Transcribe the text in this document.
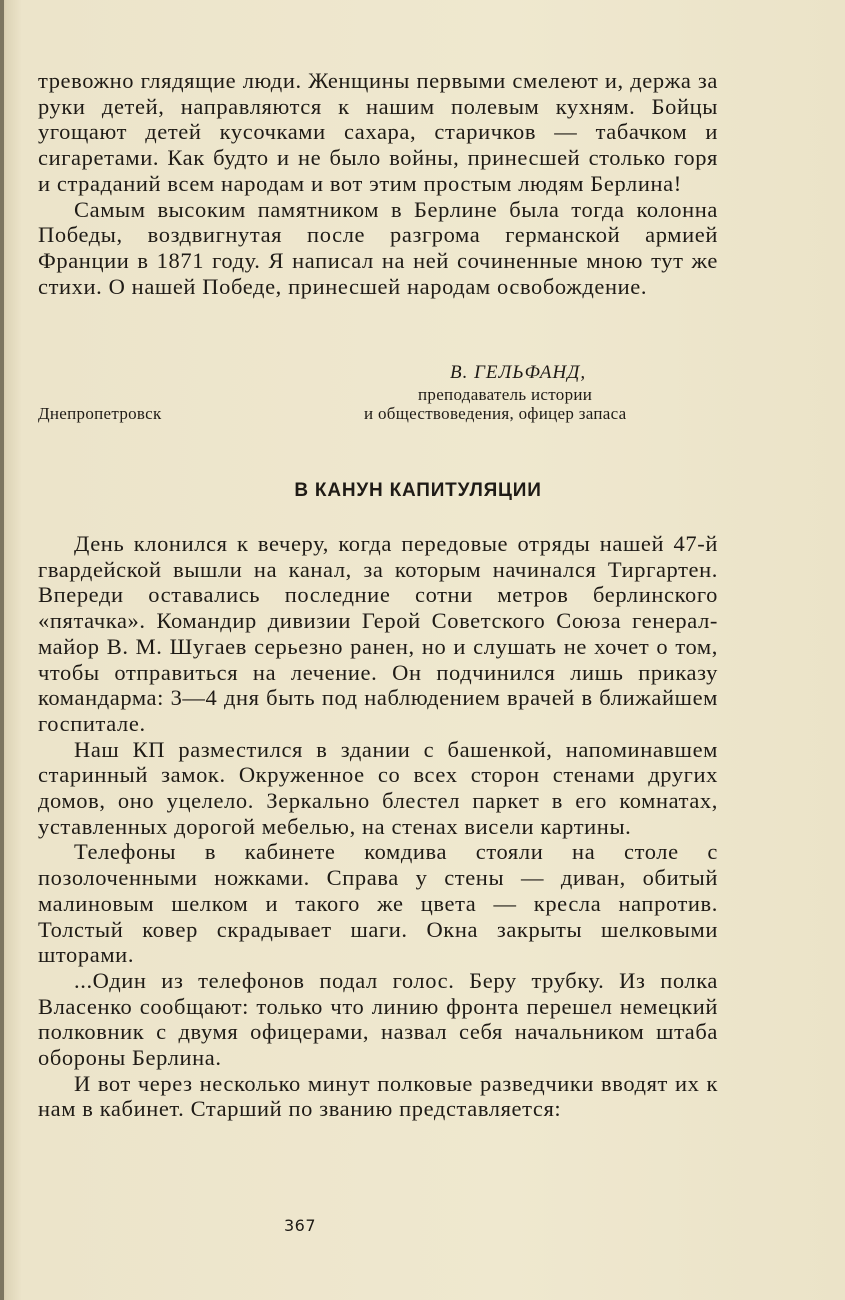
тревожно глядящие люди. Женщины первыми смелеют и, держа за руки детей, направляются к нашим полевым кухням. Бойцы угощают детей кусочками сахара, старичков — табачком и сигаретами. Как будто и не было войны, принесшей столько горя и страданий всем народам и вот этим простым людям Берлина!

Самым высоким памятником в Берлине была тогда колонна Победы, воздвигнутая после разгрома германской армией Франции в 1871 году. Я написал на ней сочиненные мною тут же стихи. О нашей Победе, принесшей народам освобождение.

В. ГЕЛЬФАНД,
преподаватель истории
Днепропетровск	и обществоведения, офицер запаса
В КАНУН КАПИТУЛЯЦИИ

День клонился к вечеру, когда передовые отряды нашей 47-й гвардейской вышли на канал, за которым начинался Тиргартен. Впереди оставались последние сотни метров берлинского «пятачка». Командир дивизии Герой Советского Союза генерал-майор В. М. Шугаев серьезно ранен, но и слушать не хочет о том, чтобы отправиться на лечение. Он подчинился лишь приказу командарма: 3—4 дня быть под наблюдением врачей в ближайшем госпитале.

Наш КП разместился в здании с башенкой, напоминавшем старинный замок. Окруженное со всех сторон стенами других домов, оно уцелело. Зеркально блестел паркет в его комнатах, уставленных дорогой мебелью, на стенах висели картины.

Телефоны в кабинете комдива стояли на столе с позолоченными ножками. Справа у стены — диван, обитый малиновым шелком и такого же цвета — кресла напротив. Толстый ковер скрадывает шаги. Окна закрыты шелковыми шторами.

...Один из телефонов подал голос. Беру трубку. Из полка Власенко сообщают: только что линию фронта перешел немецкий полковник с двумя офицерами, назвал себя начальником штаба обороны Берлина.

И вот через несколько минут полковые разведчики вводят их к нам в кабинет. Старший по званию представляется:

367
